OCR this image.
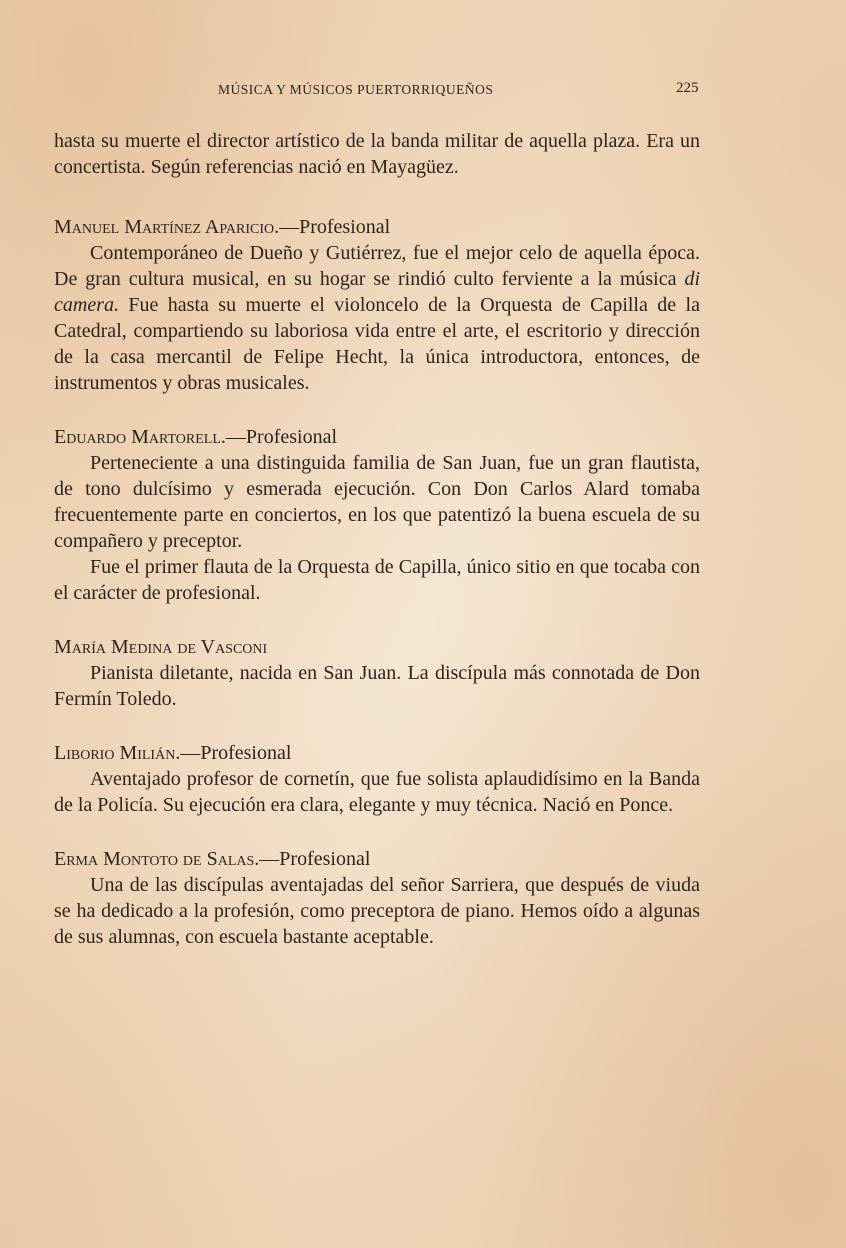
MÚSICA Y MÚSICOS PUERTORRIQUEÑOS	225

hasta su muerte el director artístico de la banda militar de aquella plaza. Era un concertista. Según referencias nació en Mayagüez.

Manuel Martínez Aparicio.—Profesional

Contemporáneo de Dueño y Gutiérrez, fue el mejor celo de aquella época. De gran cultura musical, en su hogar se rindió culto ferviente a la música di camera. Fue hasta su muerte el violoncelo de la Orquesta de Capilla de la Catedral, compartiendo su laboriosa vida entre el arte, el escritorio y dirección de la casa mercantil de Felipe Hecht, la única introductora, entonces, de instrumentos y obras musicales.

Eduardo Martorell.—Profesional

Perteneciente a una distinguida familia de San Juan, fue un gran flautista, de tono dulcísimo y esmerada ejecución. Con Don Carlos Alard tomaba frecuentemente parte en conciertos, en los que patentizó la buena escuela de su compañero y preceptor.

Fue el primer flauta de la Orquesta de Capilla, único sitio en que tocaba con el carácter de profesional.

María Medina de Vasconi

Pianista diletante, nacida en San Juan. La discípula más connotada de Don Fermín Toledo.

Liborio Milián.—Profesional

Aventajado profesor de cornetín, que fue solista aplaudidísimo en la Banda de la Policía. Su ejecución era clara, elegante y muy técnica. Nació en Ponce.

Erma Montoto de Salas.—Profesional

Una de las discípulas aventajadas del señor Sarriera, que después de viuda se ha dedicado a la profesión, como preceptora de piano. Hemos oído a algunas de sus alumnas, con escuela bastante aceptable.
